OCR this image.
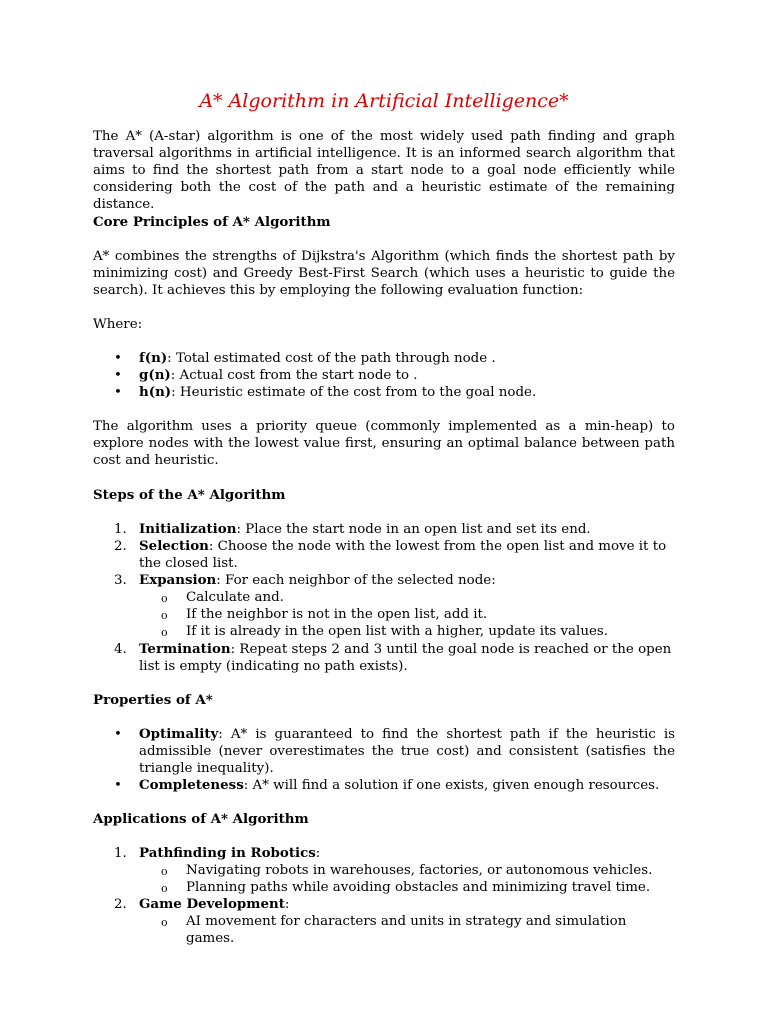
A* Algorithm in Artificial Intelligence*

The A* (A-star) algorithm is one of the most widely used path finding and graph traversal algorithms in artificial intelligence. It is an informed search algorithm that aims to find the shortest path from a start node to a goal node efficiently while considering both the cost of the path and a heuristic estimate of the remaining distance.

Core Principles of A* Algorithm

A* combines the strengths of Dijkstra's Algorithm (which finds the shortest path by minimizing cost) and Greedy Best-First Search (which uses a heuristic to guide the search). It achieves this by employing the following evaluation function:

Where:

• f(n): Total estimated cost of the path through node .

• g(n): Actual cost from the start node to .

• h(n): Heuristic estimate of the cost from to the goal node.

The algorithm uses a priority queue (commonly implemented as a min-heap) to explore nodes with the lowest value first, ensuring an optimal balance between path cost and heuristic.

Steps of the A* Algorithm

1. Initialization: Place the start node in an open list and set its end.

2. Selection: Choose the node with the lowest from the open list and move it to the closed list.

3. Expansion: For each neighbor of the selected node:

o Calculate and.

o If the neighbor is not in the open list, add it.

o If it is already in the open list with a higher, update its values.

4. Termination: Repeat steps 2 and 3 until the goal node is reached or the open list is empty (indicating no path exists).

Properties of A*

• Optimality: A* is guaranteed to find the shortest path if the heuristic is admissible (never overestimates the true cost) and consistent (satisfies the triangle inequality).

• Completeness: A* will find a solution if one exists, given enough resources.

Applications of A* Algorithm

1. Pathfinding in Robotics:

o Navigating robots in warehouses, factories, or autonomous vehicles.

o Planning paths while avoiding obstacles and minimizing travel time.

2. Game Development:

o AI movement for characters and units in strategy and simulation games.
